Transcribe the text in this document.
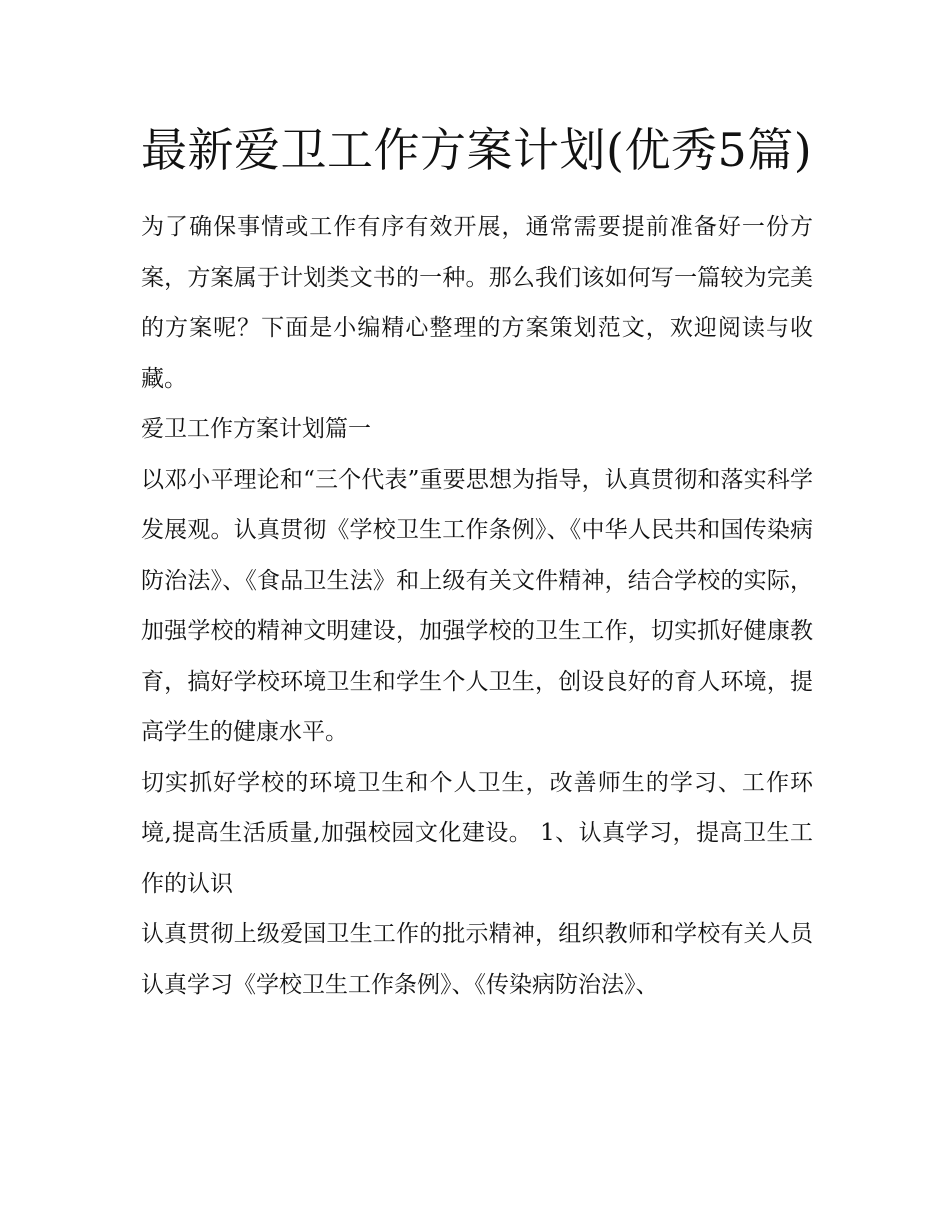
最新爱卫工作方案计划(优秀5篇)

为了确保事情或工作有序有效开展，通常需要提前准备好一份方案，方案属于计划类文书的一种。那么我们该如何写一篇较为完美的方案呢？下面是小编精心整理的方案策划范文，欢迎阅读与收藏。

爱卫工作方案计划篇一

以邓小平理论和“三个代表”重要思想为指导，认真贯彻和落实科学发展观。认真贯彻《学校卫生工作条例》、《中华人民共和国传染病防治法》、《食品卫生法》和上级有关文件精神，结合学校的实际，加强学校的精神文明建设，加强学校的卫生工作，切实抓好健康教育，搞好学校环境卫生和学生个人卫生，创设良好的育人环境，提高学生的健康水平。

切实抓好学校的环境卫生和个人卫生，改善师生的学习、工作环境,提高生活质量,加强校园文化建设。 1、认真学习，提高卫生工作的认识

认真贯彻上级爱国卫生工作的批示精神，组织教师和学校有关人员认真学习《学校卫生工作条例》、《传染病防治法》、
